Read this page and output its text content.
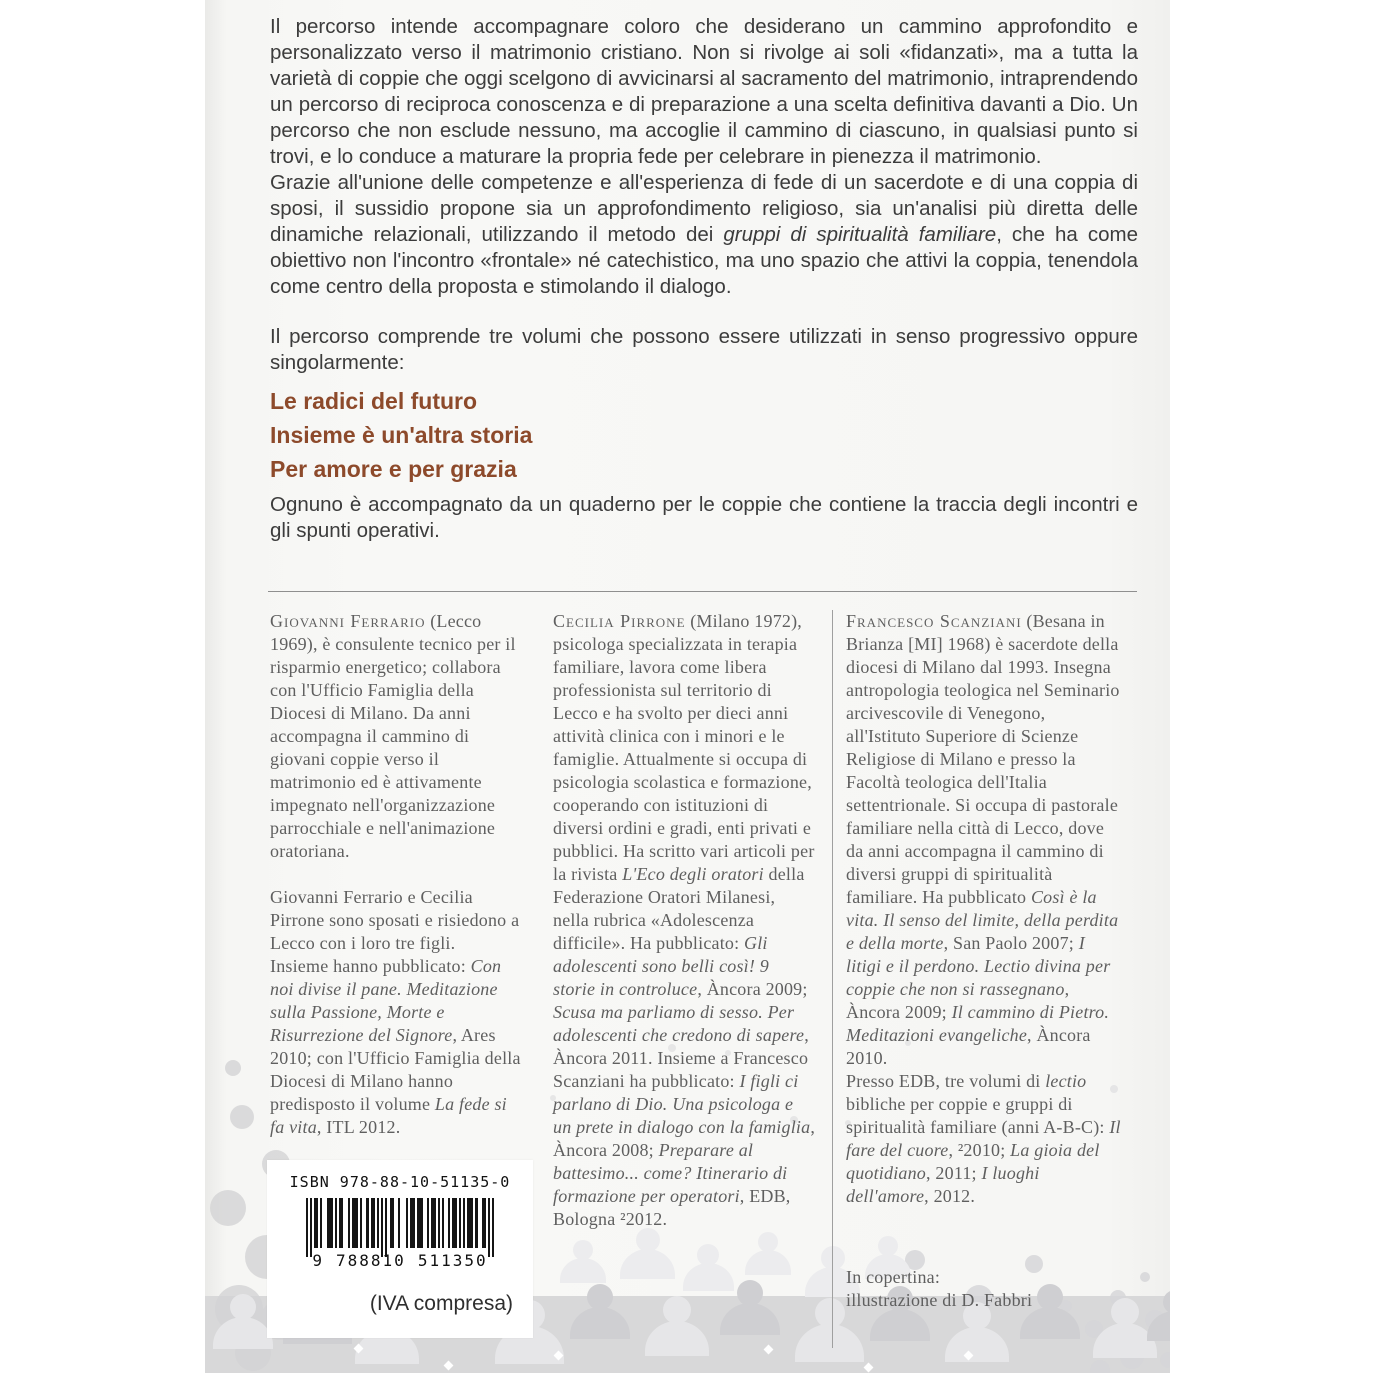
Il percorso intende accompagnare coloro che desiderano un cammino approfondito e personalizzato verso il matrimonio cristiano. Non si rivolge ai soli «fidanzati», ma a tutta la varietà di coppie che oggi scelgono di avvicinarsi al sacramento del matrimonio, intraprendendo un percorso di reciproca conoscenza e di preparazione a una scelta definitiva davanti a Dio. Un percorso che non esclude nessuno, ma accoglie il cammino di ciascuno, in qualsiasi punto si trovi, e lo conduce a maturare la propria fede per celebrare in pienezza il matrimonio.

Grazie all'unione delle competenze e all'esperienza di fede di un sacerdote e di una coppia di sposi, il sussidio propone sia un approfondimento religioso, sia un'analisi più diretta delle dinamiche relazionali, utilizzando il metodo dei gruppi di spiritualità familiare, che ha come obiettivo non l'incontro «frontale» né catechistico, ma uno spazio che attivi la coppia, tenendola come centro della proposta e stimolando il dialogo.

Il percorso comprende tre volumi che possono essere utilizzati in senso progressivo oppure singolarmente:

Le radici del futuro
Insieme è un'altra storia
Per amore e per grazia

Ognuno è accompagnato da un quaderno per le coppie che contiene la traccia degli incontri e gli spunti operativi.

Giovanni Ferrario (Lecco 1969), è consulente tecnico per il risparmio energetico; collabora con l'Ufficio Famiglia della Diocesi di Milano. Da anni accompagna il cammino di giovani coppie verso il matrimonio ed è attivamente impegnato nell'organizzazione parrocchiale e nell'animazione oratoriana.

Giovanni Ferrario e Cecilia Pirrone sono sposati e risiedono a Lecco con i loro tre figli.

Insieme hanno pubblicato: Con noi divise il pane. Meditazione sulla Passione, Morte e Risurrezione del Signore, Ares 2010; con l'Ufficio Famiglia della Diocesi di Milano hanno predisposto il volume La fede si fa vita, ITL 2012.

Cecilia Pirrone (Milano 1972), psicologa specializzata in terapia familiare, lavora come libera professionista sul territorio di Lecco e ha svolto per dieci anni attività clinica con i minori e le famiglie. Attualmente si occupa di psicologia scolastica e formazione, cooperando con istituzioni di diversi ordini e gradi, enti privati e pubblici. Ha scritto vari articoli per la rivista L'Eco degli oratori della Federazione Oratori Milanesi, nella rubrica «Adolescenza difficile». Ha pubblicato: Gli adolescenti sono belli così! 9 storie in controluce, Àncora 2009; Scusa ma parliamo di sesso. Per adolescenti che credono di sapere, Àncora 2011. Insieme a Francesco Scanziani ha pubblicato: I figli ci parlano di Dio. Una psicologa e un prete in dialogo con la famiglia, Àncora 2008; Preparare al battesimo... come? Itinerario di formazione per operatori, EDB, Bologna ²2012.

Francesco Scanziani (Besana in Brianza [MI] 1968) è sacerdote della diocesi di Milano dal 1993. Insegna antropologia teologica nel Seminario arcivescovile di Venegono, all'Istituto Superiore di Scienze Religiose di Milano e presso la Facoltà teologica dell'Italia settentrionale. Si occupa di pastorale familiare nella città di Lecco, dove da anni accompagna il cammino di diversi gruppi di spiritualità familiare. Ha pubblicato Così è la vita. Il senso del limite, della perdita e della morte, San Paolo 2007; I litigi e il perdono. Lectio divina per coppie che non si rassegnano, Àncora 2009; Il cammino di Pietro. Meditazioni evangeliche, Àncora 2010.

Presso EDB, tre volumi di lectio bibliche per coppie e gruppi di spiritualità familiare (anni A-B-C): Il fare del cuore, ²2010; La gioia del quotidiano, 2011; I luoghi dell'amore, 2012.

In copertina:
illustrazione di D. Fabbri
ISBN 978-88-10-51135-0
9 788810 511350
(IVA compresa)
